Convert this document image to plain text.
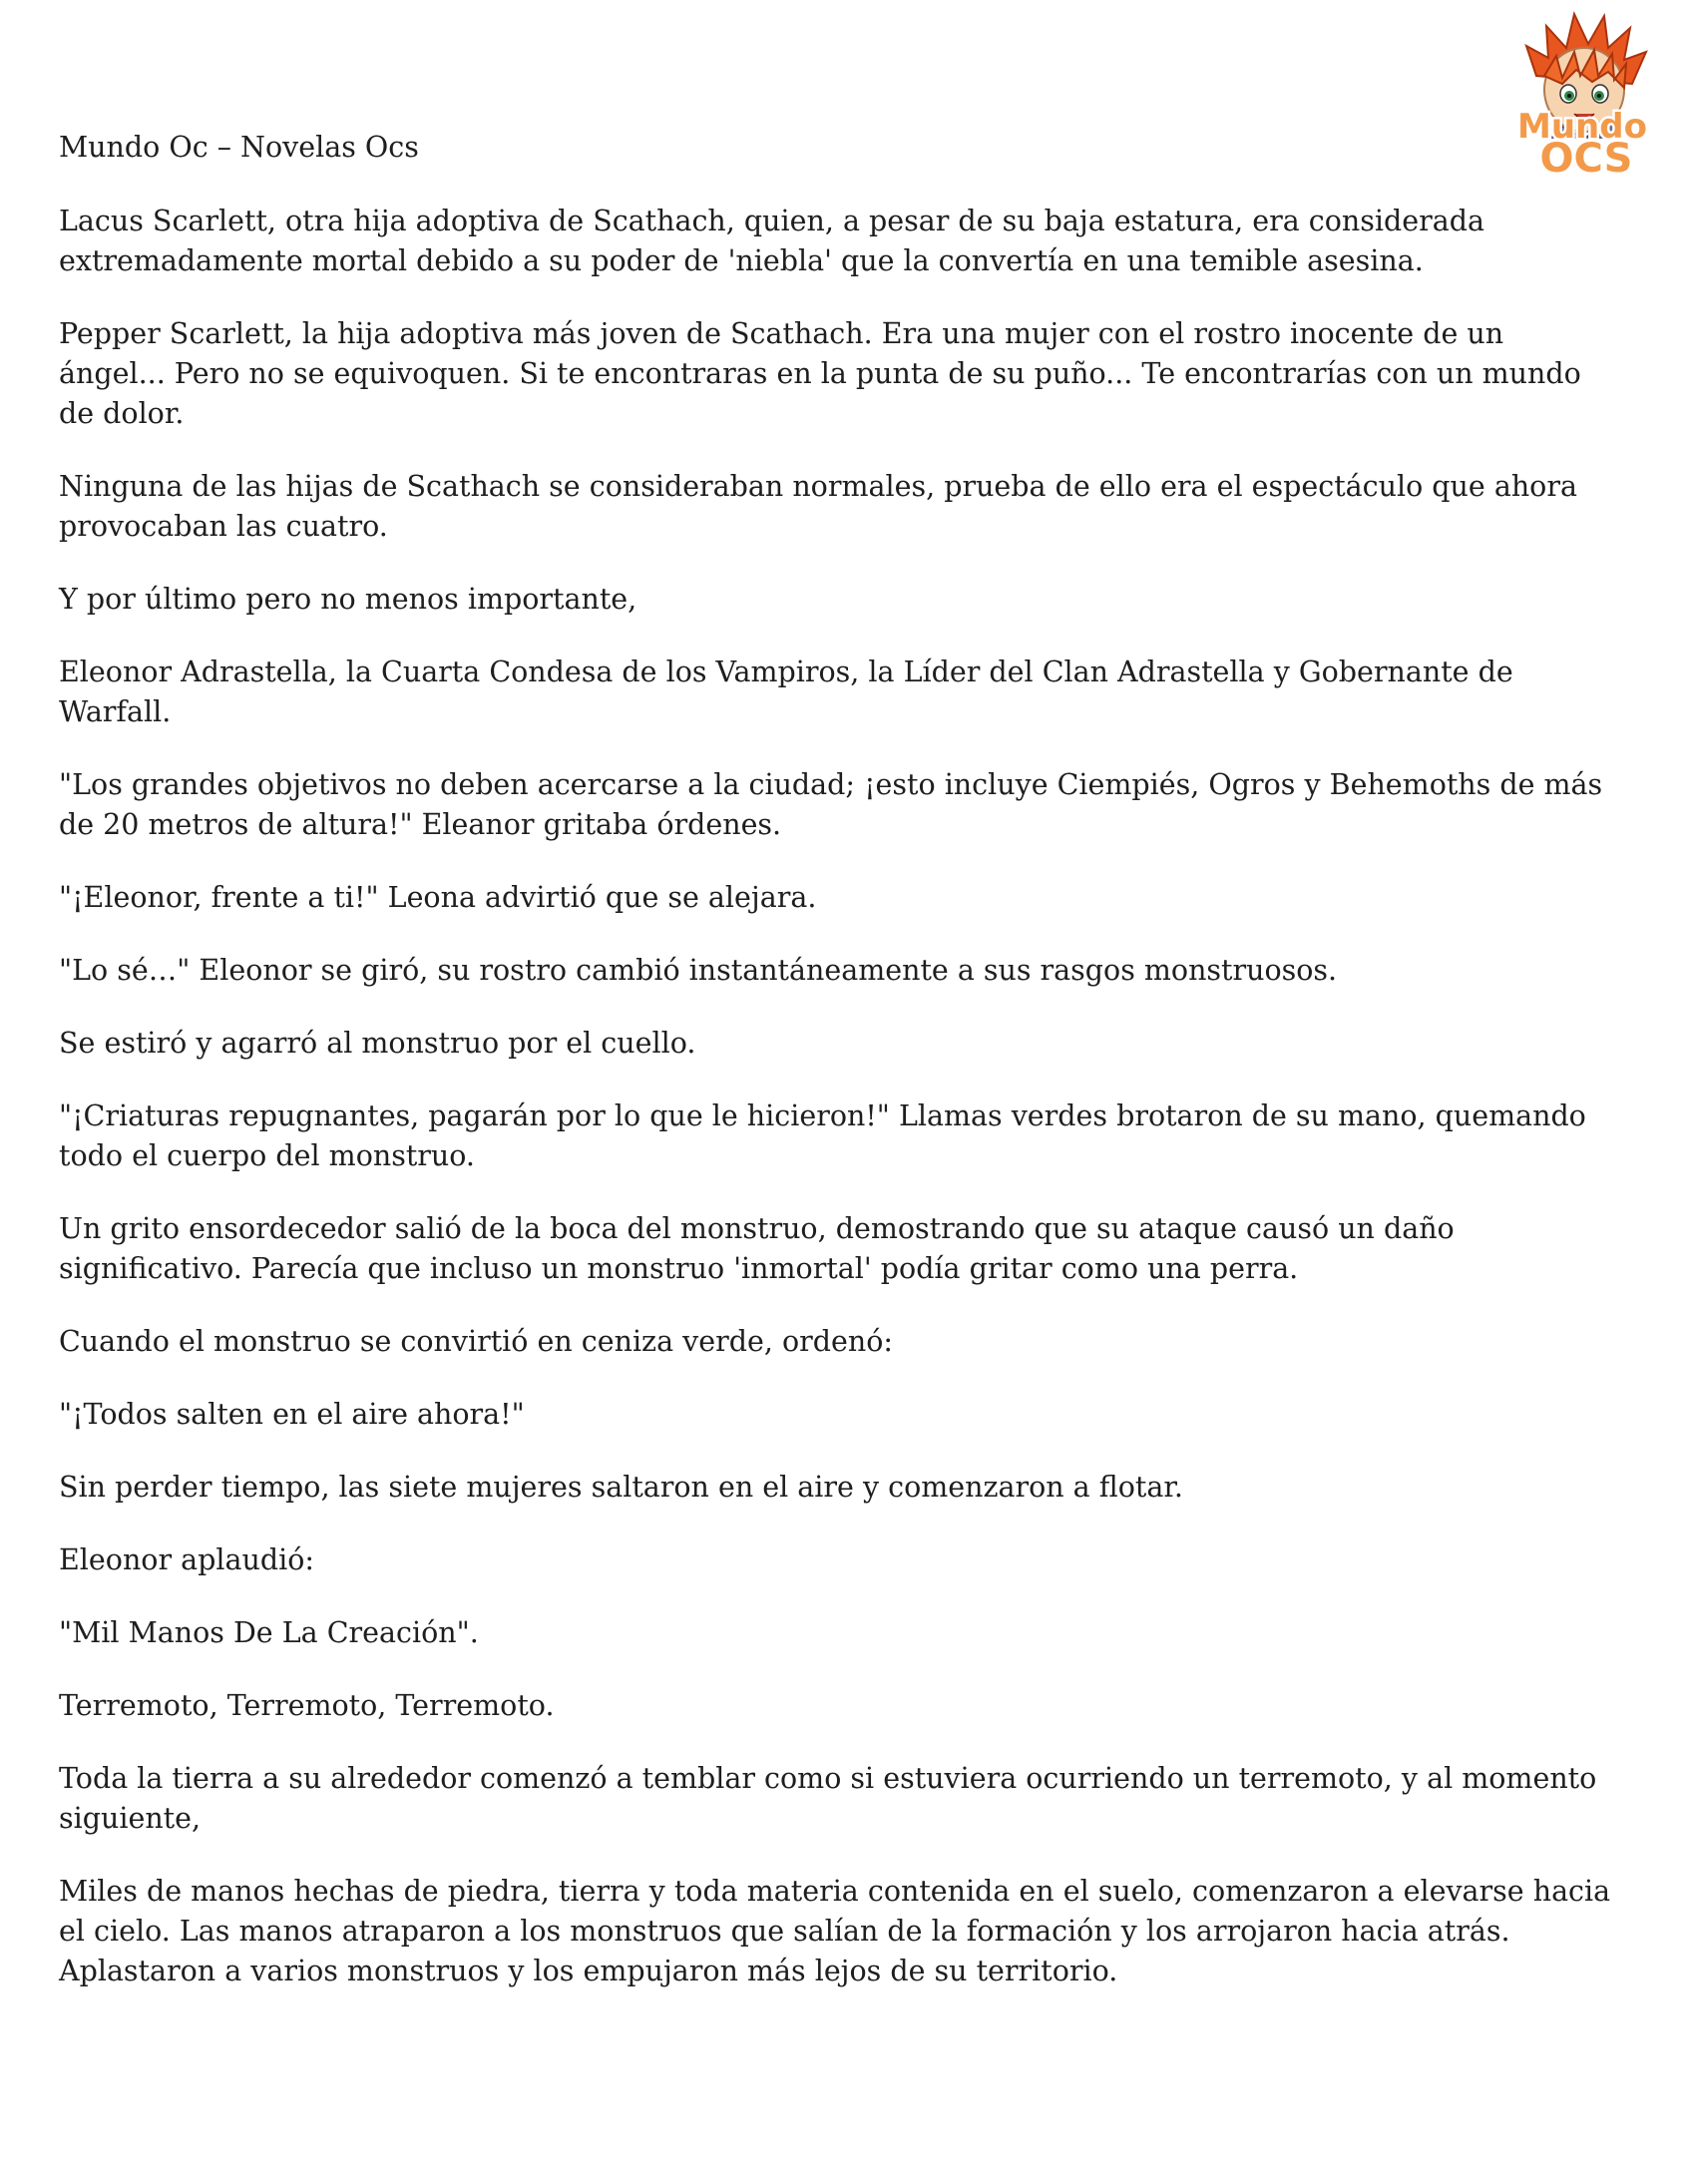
Mundo
OCS

Mundo Oc – Novelas Ocs

Lacus Scarlett, otra hija adoptiva de Scathach, quien, a pesar de su baja estatura, era considerada extremadamente mortal debido a su poder de 'niebla' que la convertía en una temible asesina.

Pepper Scarlett, la hija adoptiva más joven de Scathach. Era una mujer con el rostro inocente de un ángel... Pero no se equivoquen. Si te encontraras en la punta de su puño... Te encontrarías con un mundo de dolor.

Ninguna de las hijas de Scathach se consideraban normales, prueba de ello era el espectáculo que ahora provocaban las cuatro.

Y por último pero no menos importante,

Eleonor Adrastella, la Cuarta Condesa de los Vampiros, la Líder del Clan Adrastella y Gobernante de Warfall.

"Los grandes objetivos no deben acercarse a la ciudad; ¡esto incluye Ciempiés, Ogros y Behemoths de más de 20 metros de altura!" Eleanor gritaba órdenes.

"¡Eleonor, frente a ti!" Leona advirtió que se alejara.

"Lo sé…" Eleonor se giró, su rostro cambió instantáneamente a sus rasgos monstruosos.

Se estiró y agarró al monstruo por el cuello.

"¡Criaturas repugnantes, pagarán por lo que le hicieron!" Llamas verdes brotaron de su mano, quemando todo el cuerpo del monstruo.

Un grito ensordecedor salió de la boca del monstruo, demostrando que su ataque causó un daño significativo. Parecía que incluso un monstruo 'inmortal' podía gritar como una perra.

Cuando el monstruo se convirtió en ceniza verde, ordenó:

"¡Todos salten en el aire ahora!"

Sin perder tiempo, las siete mujeres saltaron en el aire y comenzaron a flotar.

Eleonor aplaudió:

"Mil Manos De La Creación".

Terremoto, Terremoto, Terremoto.

Toda la tierra a su alrededor comenzó a temblar como si estuviera ocurriendo un terremoto, y al momento siguiente,

Miles de manos hechas de piedra, tierra y toda materia contenida en el suelo, comenzaron a elevarse hacia el cielo. Las manos atraparon a los monstruos que salían de la formación y los arrojaron hacia atrás. Aplastaron a varios monstruos y los empujaron más lejos de su territorio.
